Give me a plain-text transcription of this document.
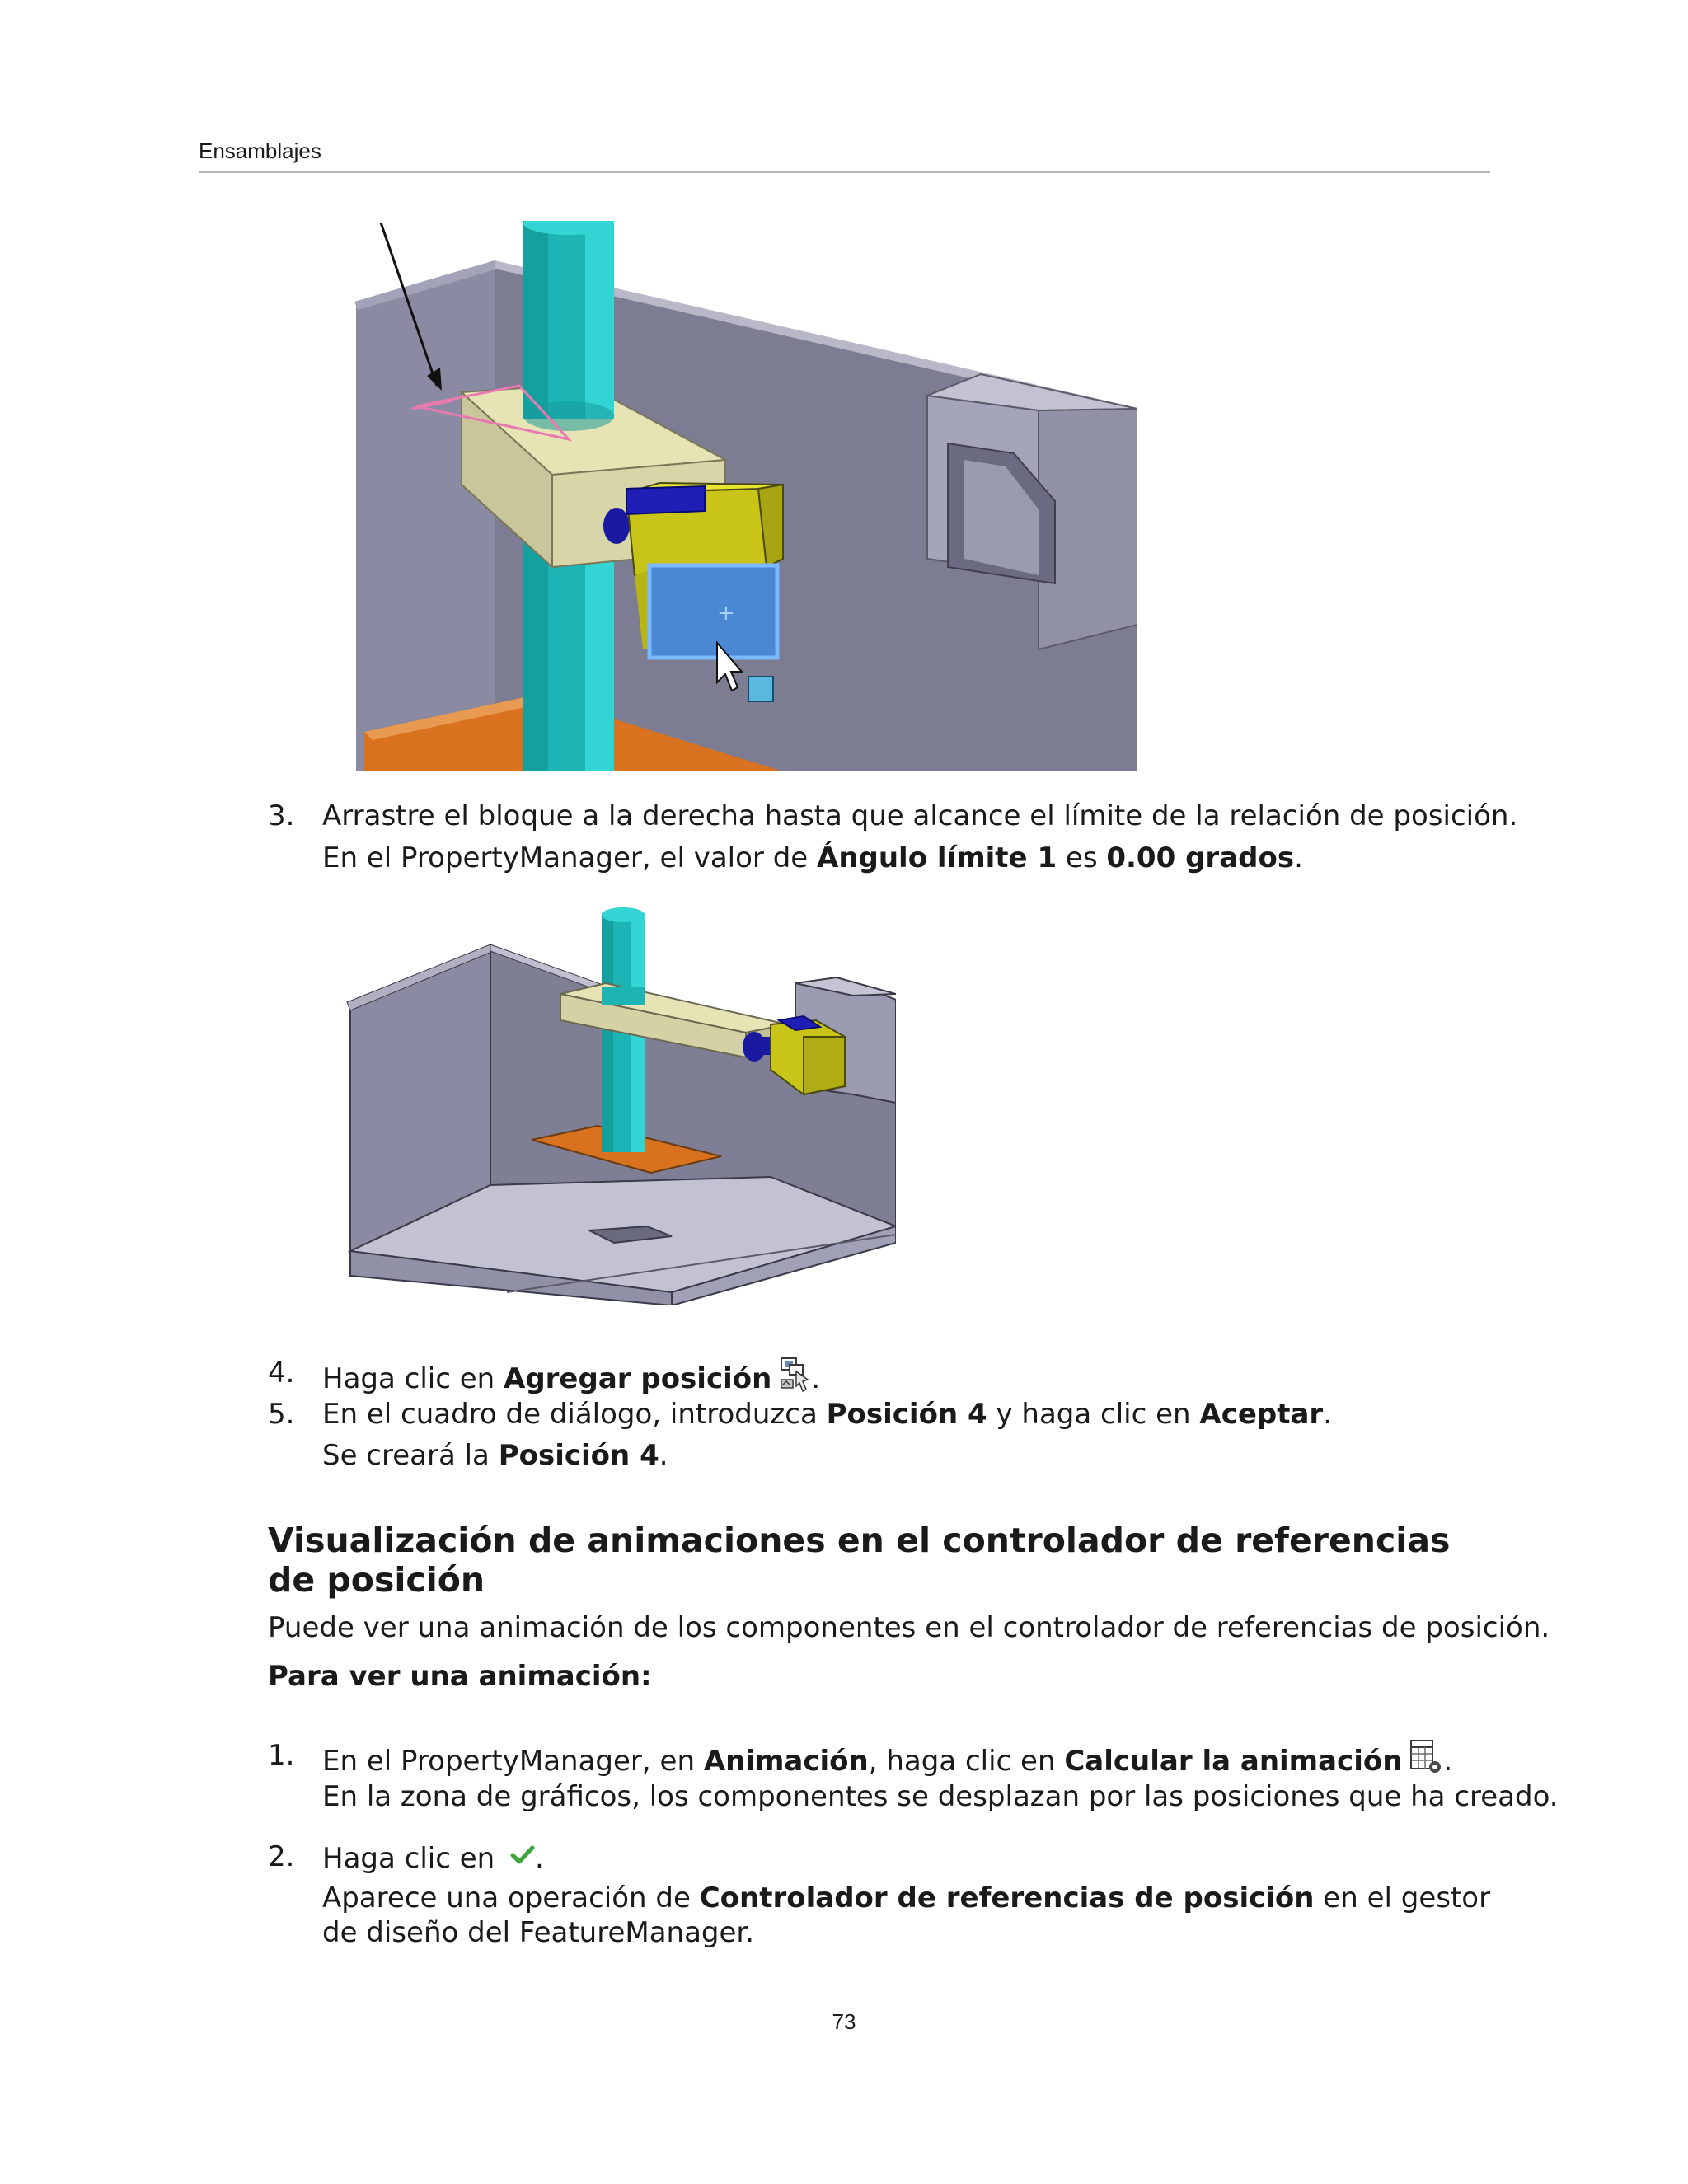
Ensamblajes
+
3. Arrastre el bloque a la derecha hasta que alcance el límite de la relación de posición.
En el PropertyManager, el valor de Ángulo límite 1 es 0.00 grados.
4. Haga clic en Agregar posición .
5. En el cuadro de diálogo, introduzca Posición 4 y haga clic en Aceptar.
Se creará la Posición 4.
Visualización de animaciones en el controlador de referencias de posición
Puede ver una animación de los componentes en el controlador de referencias de posición.
Para ver una animación:
1. En el PropertyManager, en Animación, haga clic en Calcular la animación .
En la zona de gráficos, los componentes se desplazan por las posiciones que ha creado.
2. Haga clic en .
Aparece una operación de Controlador de referencias de posición en el gestor
de diseño del FeatureManager.
73
